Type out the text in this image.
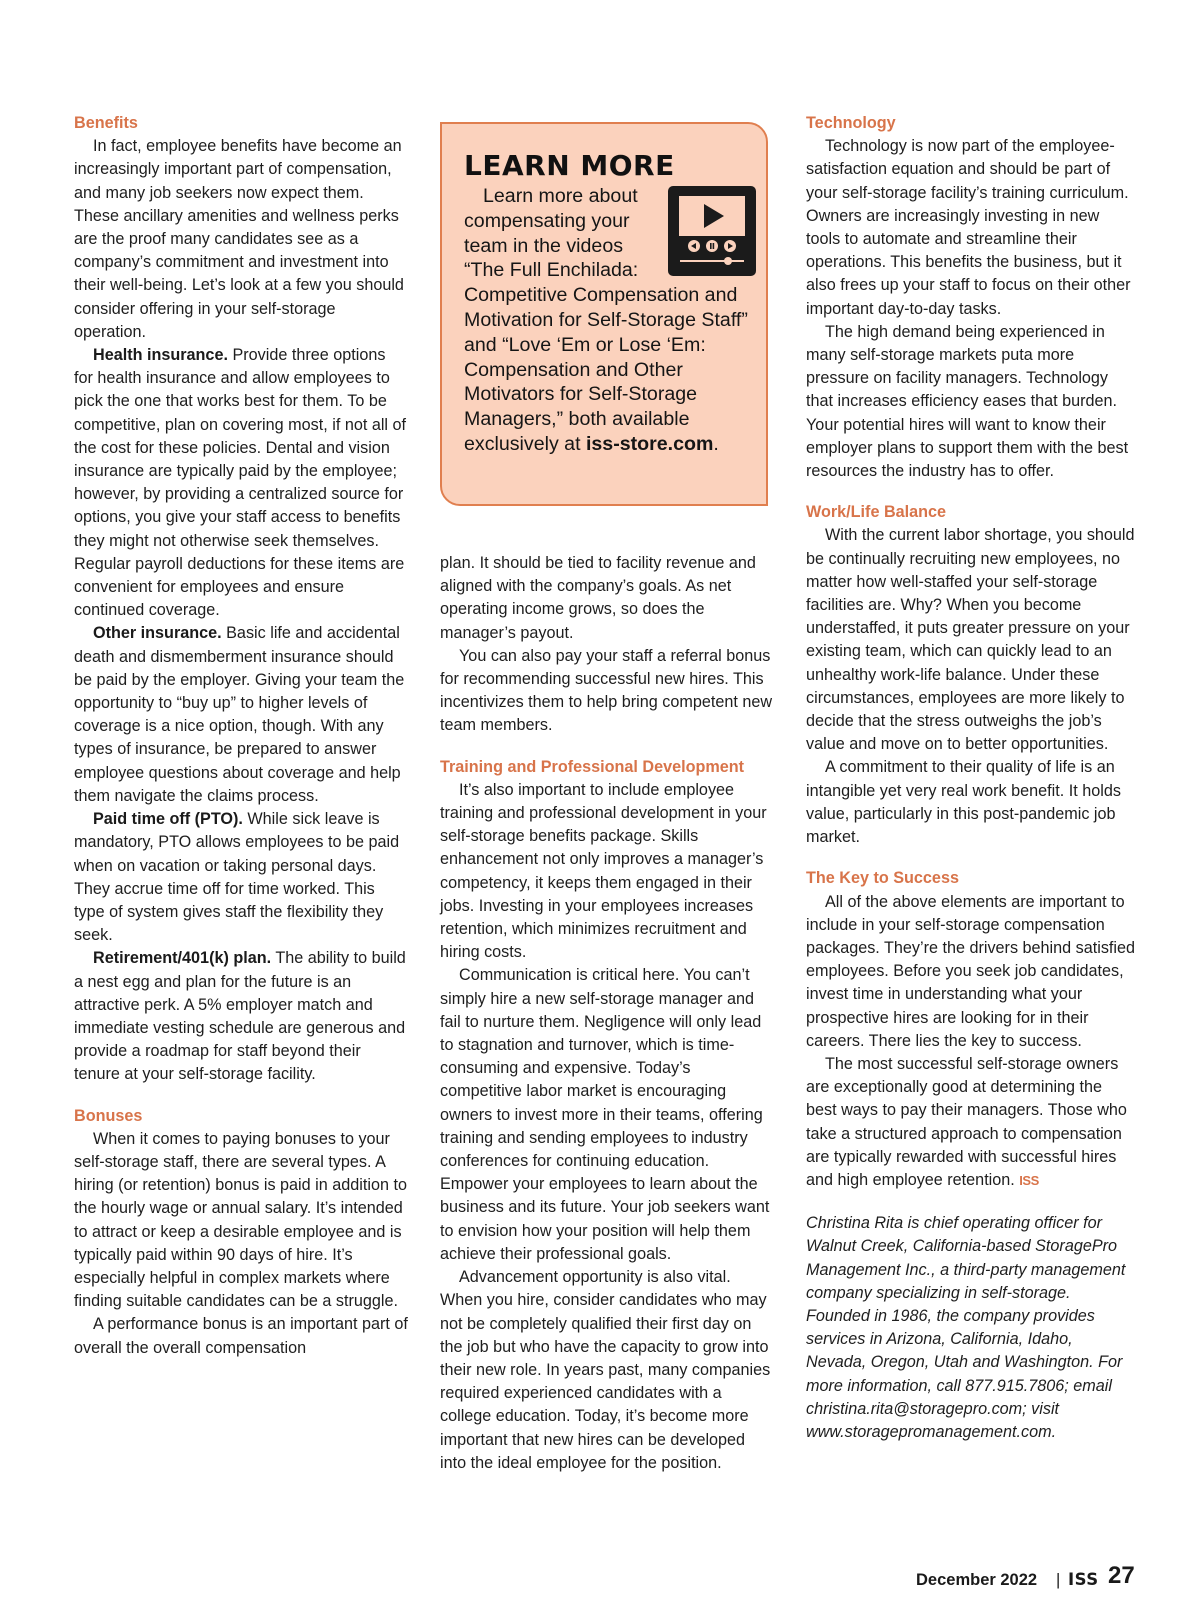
Benefits

In fact, employee benefits have become an increasingly important part of compensation, and many job seekers now expect them. These ancillary amenities and wellness perks are the proof many candidates see as a company’s commitment and investment into their well-being. Let’s look at a few you should consider offering in your self-storage operation.

Health insurance. Provide three options for health insurance and allow employees to pick the one that works best for them. To be competitive, plan on covering most, if not all of the cost for these policies. Dental and vision insurance are typically paid by the employee; however, by providing a centralized source for options, you give your staff access to benefits they might not otherwise seek themselves. Regular payroll deductions for these items are convenient for employees and ensure continued coverage.

Other insurance. Basic life and accidental death and dismemberment insurance should be paid by the employer. Giving your team the opportunity to “buy up” to higher levels of coverage is a nice option, though. With any types of insurance, be prepared to answer employee questions about coverage and help them navigate the claims process.

Paid time off (PTO). While sick leave is mandatory, PTO allows employees to be paid when on vacation or taking personal days. They accrue time off for time worked. This type of system gives staff the flexibility they seek.

Retirement/401(k) plan. The ability to build a nest egg and plan for the future is an attractive perk. A 5% employer match and immediate vesting schedule are generous and provide a roadmap for staff beyond their tenure at your self-storage facility.

Bonuses

When it comes to paying bonuses to your self-storage staff, there are several types. A hiring (or retention) bonus is paid in addition to the hourly wage or annual salary. It’s intended to attract or keep a desirable employee and is typically paid within 90 days of hire. It’s especially helpful in complex markets where finding suitable candidates can be a struggle.

A performance bonus is an important part of overall the overall compensation

LEARN MORE

Learn more about compensating your team in the videos “The Full Enchilada: Competitive Compensation and Motivation for Self-Storage Staff” and “Love ‘Em or Lose ‘Em: Compensation and Other Motivators for Self-Storage Managers,” both available exclusively at iss-store.com.

plan. It should be tied to facility revenue and aligned with the company’s goals. As net operating income grows, so does the manager’s payout.

You can also pay your staff a referral bonus for recommending successful new hires. This incentivizes them to help bring competent new team members.

Training and Professional Development

It’s also important to include employee training and professional development in your self-storage benefits package. Skills enhancement not only improves a manager’s competency, it keeps them engaged in their jobs. Investing in your employees increases retention, which minimizes recruitment and hiring costs.

Communication is critical here. You can’t simply hire a new self-storage manager and fail to nurture them. Negligence will only lead to stagnation and turnover, which is time-consuming and expensive. Today’s competitive labor market is encouraging owners to invest more in their teams, offering training and sending employees to industry conferences for continuing education. Empower your employees to learn about the business and its future. Your job seekers want to envision how your position will help them achieve their professional goals.

Advancement opportunity is also vital. When you hire, consider candidates who may not be completely qualified their first day on the job but who have the capacity to grow into their new role. In years past, many companies required experienced candidates with a college education. Today, it’s become more important that new hires can be developed into the ideal employee for the position.

Technology

Technology is now part of the employee-satisfaction equation and should be part of your self-storage facility’s training curriculum. Owners are increasingly investing in new tools to automate and streamline their operations. This benefits the business, but it also frees up your staff to focus on their other important day-to-day tasks.

The high demand being experienced in many self-storage markets puta more pressure on facility managers. Technology that increases efficiency eases that burden. Your potential hires will want to know their employer plans to support them with the best resources the industry has to offer.

Work/Life Balance

With the current labor shortage, you should be continually recruiting new employees, no matter how well-staffed your self-storage facilities are. Why? When you become understaffed, it puts greater pressure on your existing team, which can quickly lead to an unhealthy work-life balance. Under these circumstances, employees are more likely to decide that the stress outweighs the job’s value and move on to better opportunities.

A commitment to their quality of life is an intangible yet very real work benefit. It holds value, particularly in this post-pandemic job market.

The Key to Success

All of the above elements are important to include in your self-storage compensation packages. They’re the drivers behind satisfied employees. Before you seek job candidates, invest time in understanding what your prospective hires are looking for in their careers. There lies the key to success.

The most successful self-storage owners are exceptionally good at determining the best ways to pay their managers. Those who take a structured approach to compensation are typically rewarded with successful hires and high employee retention. ISS

Christina Rita is chief operating officer for Walnut Creek, California-based StoragePro Management Inc., a third-party management company specializing in self-storage. Founded in 1986, the company provides services in Arizona, California, Idaho, Nevada, Oregon, Utah and Washington. For more information, call 877.915.7806; email christina.rita@storagepro.com; visit www.storagepromanagement.com.

December 2022 | ISS 27
